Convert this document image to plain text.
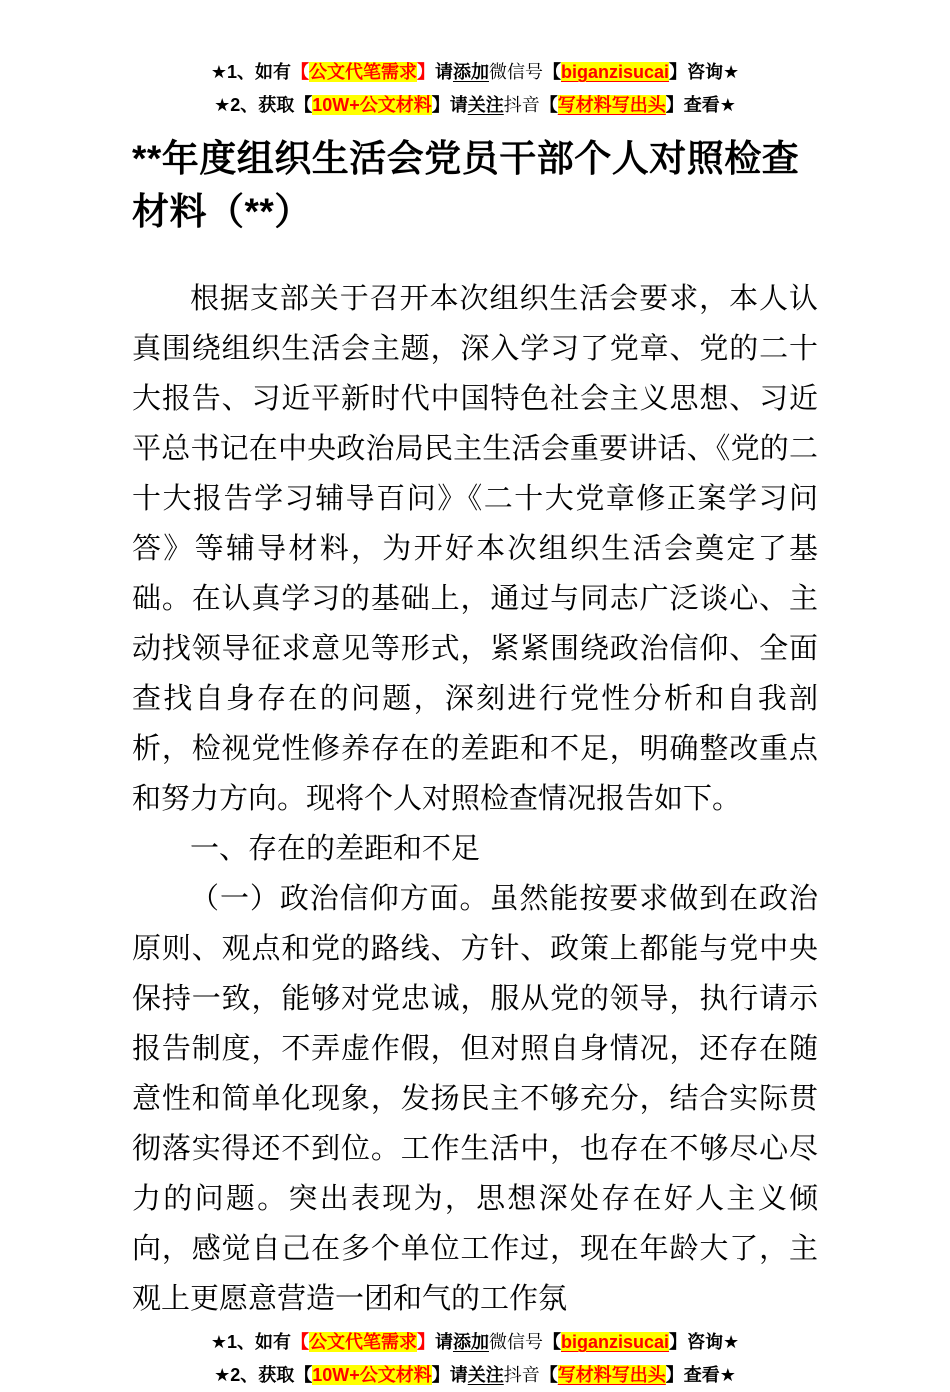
★1、如有【公文代笔需求】请添加微信号【biganzisucai】咨询★
★2、获取【10W+公文材料】请关注抖音【写材料写出头】查看★
**年度组织生活会党员干部个人对照检查材料（**）

根据支部关于召开本次组织生活会要求，本人认真围绕组织生活会主题，深入学习了党章、党的二十大报告、习近平新时代中国特色社会主义思想、习近平总书记在中央政治局民主生活会重要讲话、《党的二十大报告学习辅导百问》《二十大党章修正案学习问答》等辅导材料，为开好本次组织生活会奠定了基础。在认真学习的基础上，通过与同志广泛谈心、主动找领导征求意见等形式，紧紧围绕政治信仰、全面查找自身存在的问题，深刻进行党性分析和自我剖析，检视党性修养存在的差距和不足，明确整改重点和努力方向。现将个人对照检查情况报告如下。

一、存在的差距和不足

（一）政治信仰方面。虽然能按要求做到在政治原则、观点和党的路线、方针、政策上都能与党中央保持一致，能够对党忠诚，服从党的领导，执行请示报告制度，不弄虚作假，但对照自身情况，还存在随意性和简单化现象，发扬民主不够充分，结合实际贯彻落实得还不到位。工作生活中，也存在不够尽心尽力的问题。突出表现为，思想深处存在好人主义倾向，感觉自己在多个单位工作过，现在年龄大了，主观上更愿意营造一团和气的工作氛

★1、如有【公文代笔需求】请添加微信号【biganzisucai】咨询★
★2、获取【10W+公文材料】请关注抖音【写材料写出头】查看★
